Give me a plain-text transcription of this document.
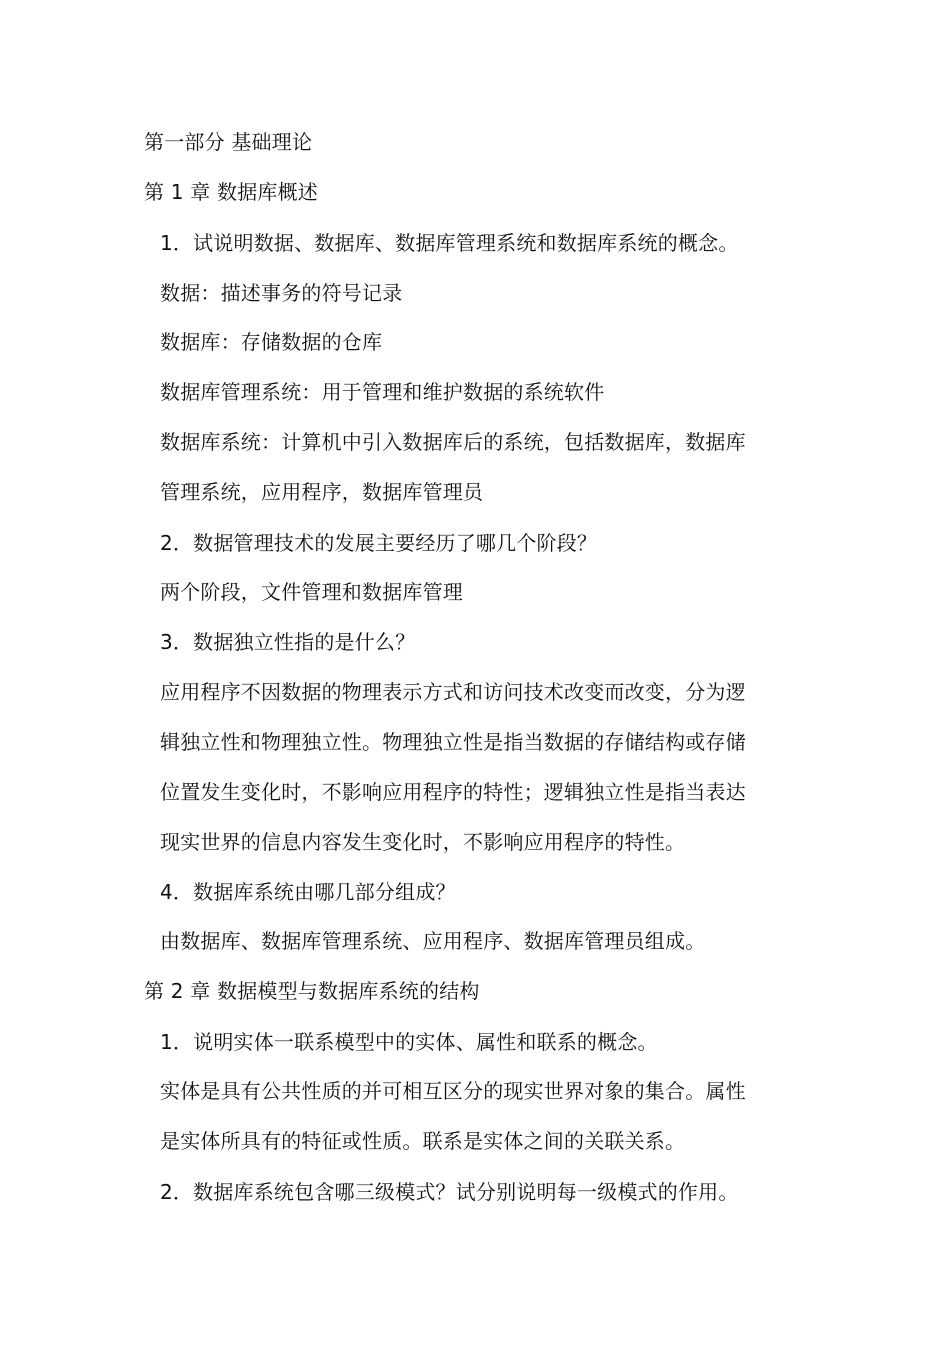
第一部分 基础理论
第 1 章 数据库概述
1．试说明数据、数据库、数据库管理系统和数据库系统的概念。
数据：描述事务的符号记录
数据库：存储数据的仓库
数据库管理系统：用于管理和维护数据的系统软件
数据库系统：计算机中引入数据库后的系统，包括数据库，数据库
管理系统，应用程序，数据库管理员
2．数据管理技术的发展主要经历了哪几个阶段？
两个阶段，文件管理和数据库管理
3．数据独立性指的是什么？
应用程序不因数据的物理表示方式和访问技术改变而改变，分为逻
辑独立性和物理独立性。物理独立性是指当数据的存储结构或存储
位置发生变化时，不影响应用程序的特性；逻辑独立性是指当表达
现实世界的信息内容发生变化时，不影响应用程序的特性。
4．数据库系统由哪几部分组成？
由数据库、数据库管理系统、应用程序、数据库管理员组成。
第 2 章 数据模型与数据库系统的结构
1．说明实体一联系模型中的实体、属性和联系的概念。
实体是具有公共性质的并可相互区分的现实世界对象的集合。属性
是实体所具有的特征或性质。联系是实体之间的关联关系。
2．数据库系统包含哪三级模式？试分别说明每一级模式的作用。
